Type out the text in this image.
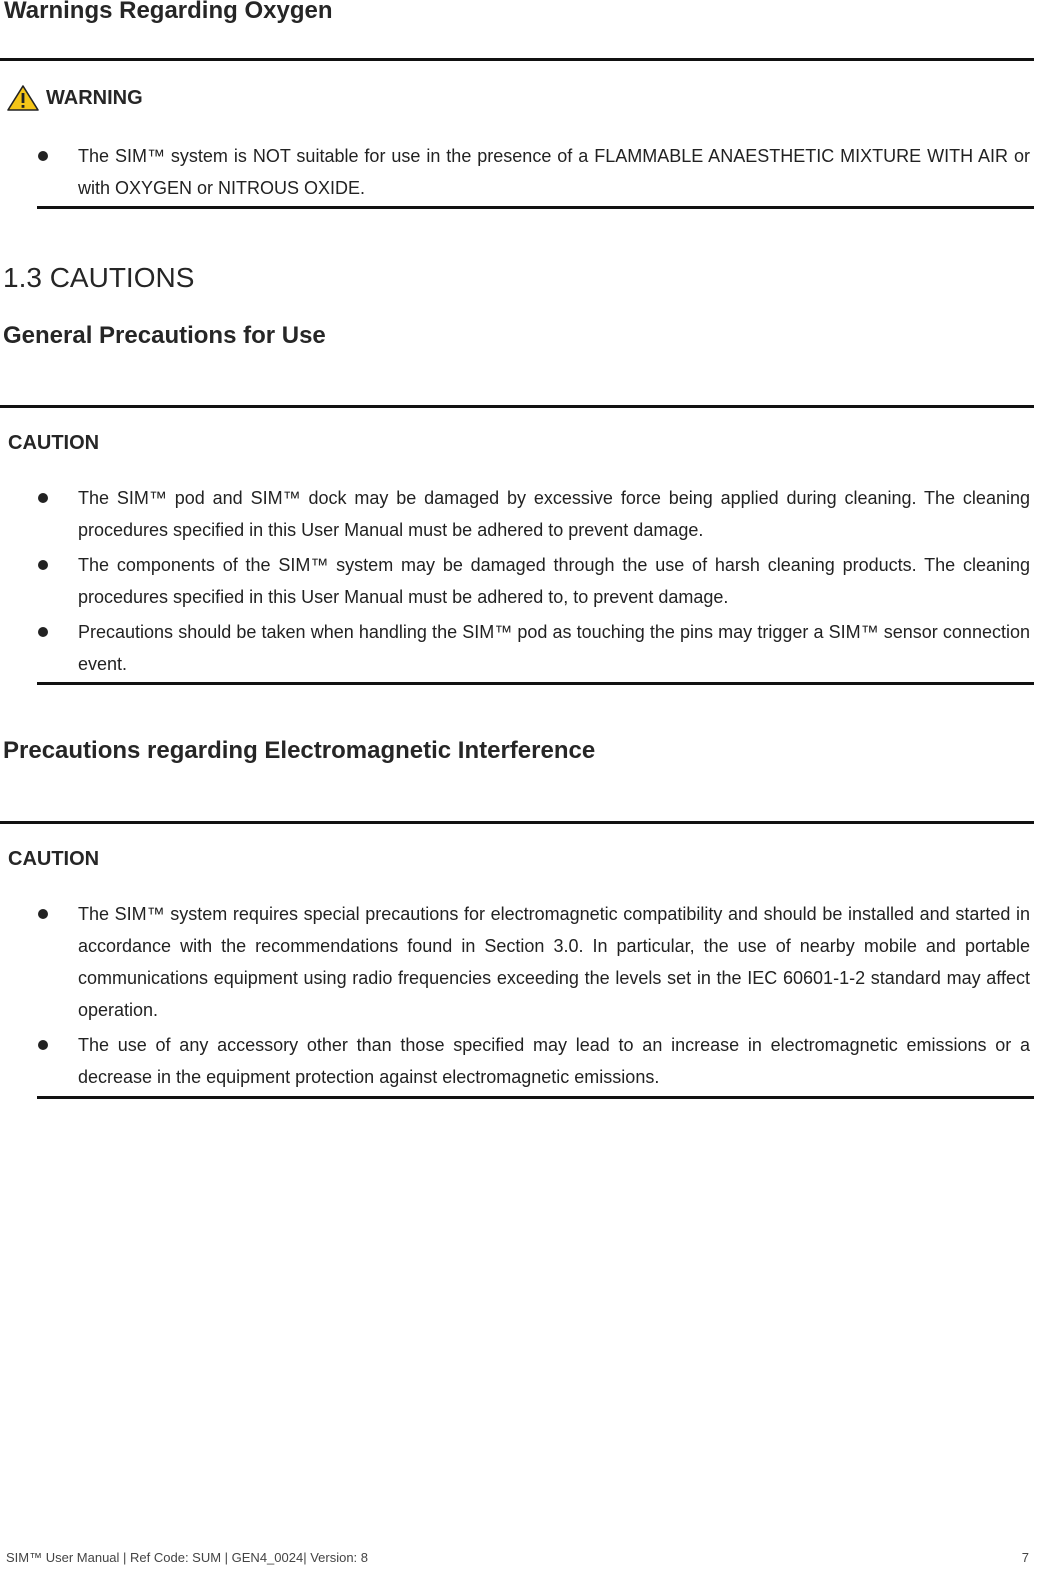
Warnings Regarding Oxygen
WARNING
The SIM™ system is NOT suitable for use in the presence of a FLAMMABLE ANAESTHETIC MIXTURE WITH AIR or with OXYGEN or NITROUS OXIDE.
1.3 CAUTIONS
General Precautions for Use
CAUTION
The SIM™ pod and SIM™ dock may be damaged by excessive force being applied during cleaning. The cleaning procedures specified in this User Manual must be adhered to prevent damage.
The components of the SIM™ system may be damaged through the use of harsh cleaning products. The cleaning procedures specified in this User Manual must be adhered to, to prevent damage.
Precautions should be taken when handling the SIM™ pod as touching the pins may trigger a SIM™ sensor connection event.
Precautions regarding Electromagnetic Interference
CAUTION
The SIM™ system requires special precautions for electromagnetic compatibility and should be installed and started in accordance with the recommendations found in Section 3.0. In particular, the use of nearby mobile and portable communications equipment using radio frequencies exceeding the levels set in the IEC 60601-1-2 standard may affect operation.
The use of any accessory other than those specified may lead to an increase in electromagnetic emissions or a decrease in the equipment protection against electromagnetic emissions.
SIM™ User Manual | Ref Code: SUM | GEN4_0024| Version: 8	7
